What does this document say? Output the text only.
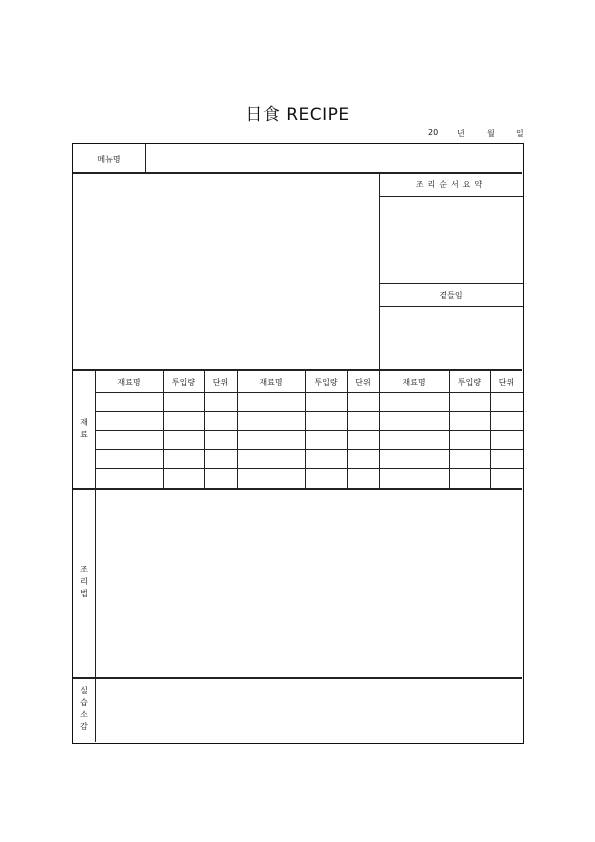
日食 RECIPE
20 년	월	일
메뉴명
조리순서요약
곁들임
재
료
재료명	투입량	단위	재료명	투입량	단위	재료명	투입량	단위
조
리
법
실
습
소
감
